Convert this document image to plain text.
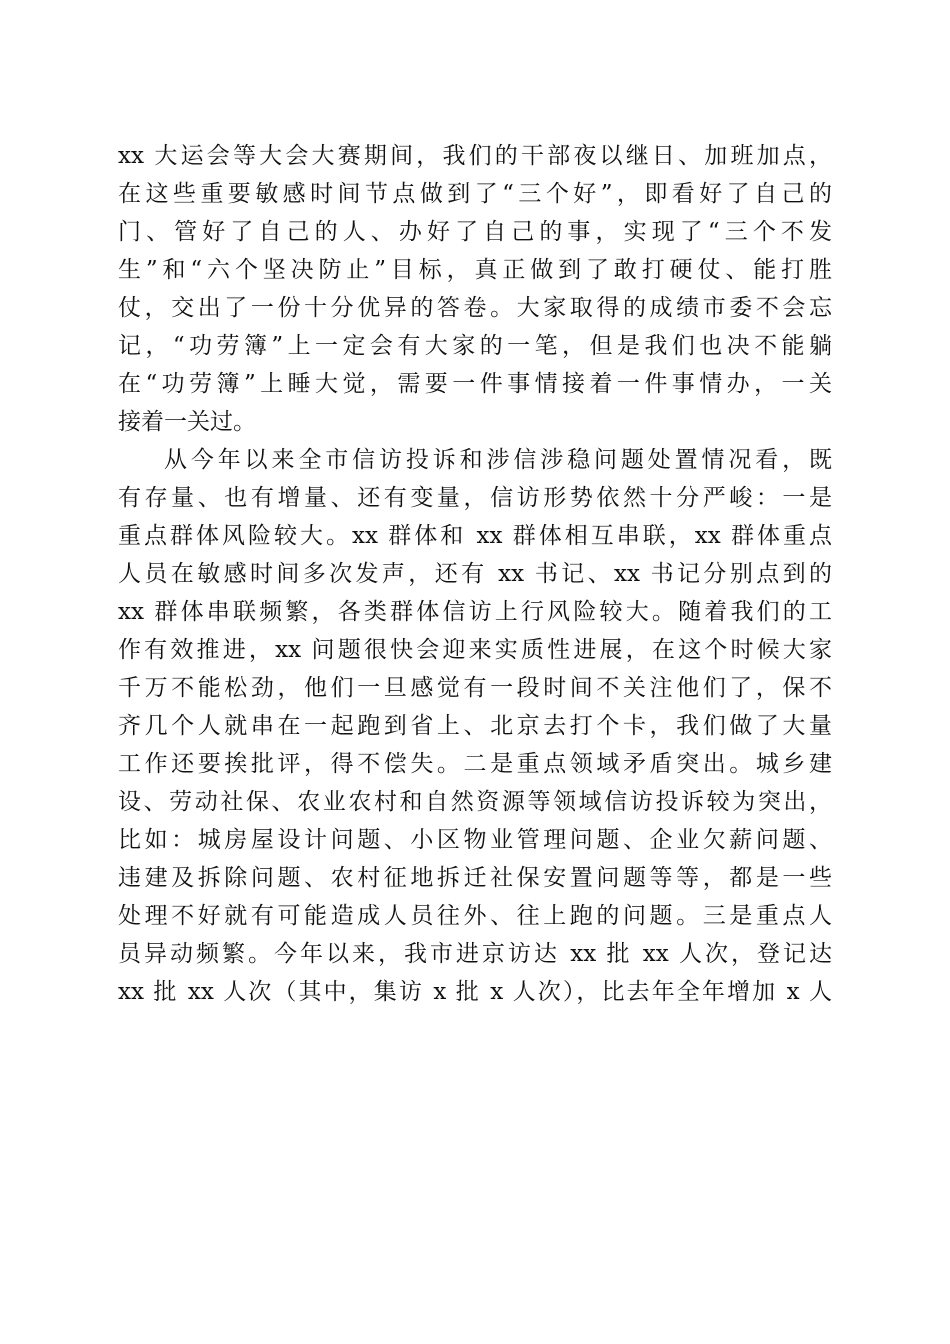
xx 大运会等大会大赛期间，我们的干部夜以继日、加班加点，
在这些重要敏感时间节点做到了“三个好”，即看好了自己的
门、管好了自己的人、办好了自己的事，实现了“三个不发
生”和“六个坚决防止”目标，真正做到了敢打硬仗、能打胜
仗，交出了一份十分优异的答卷。大家取得的成绩市委不会忘
记，“功劳簿”上一定会有大家的一笔，但是我们也决不能躺
在“功劳簿”上睡大觉，需要一件事情接着一件事情办，一关
接着一关过。
从今年以来全市信访投诉和涉信涉稳问题处置情况看，既
有存量、也有增量、还有变量，信访形势依然十分严峻：一是
重点群体风险较大。xx 群体和 xx 群体相互串联，xx 群体重点
人员在敏感时间多次发声，还有 xx 书记、xx 书记分别点到的
xx 群体串联频繁，各类群体信访上行风险较大。随着我们的工
作有效推进，xx 问题很快会迎来实质性进展，在这个时候大家
千万不能松劲，他们一旦感觉有一段时间不关注他们了，保不
齐几个人就串在一起跑到省上、北京去打个卡，我们做了大量
工作还要挨批评，得不偿失。二是重点领域矛盾突出。城乡建
设、劳动社保、农业农村和自然资源等领域信访投诉较为突出，
比如：城房屋设计问题、小区物业管理问题、企业欠薪问题、
违建及拆除问题、农村征地拆迁社保安置问题等等，都是一些
处理不好就有可能造成人员往外、往上跑的问题。三是重点人
员异动频繁。今年以来，我市进京访达 xx 批 xx 人次，登记达
xx 批 xx 人次（其中，集访 x 批 x 人次），比去年全年增加 x 人
